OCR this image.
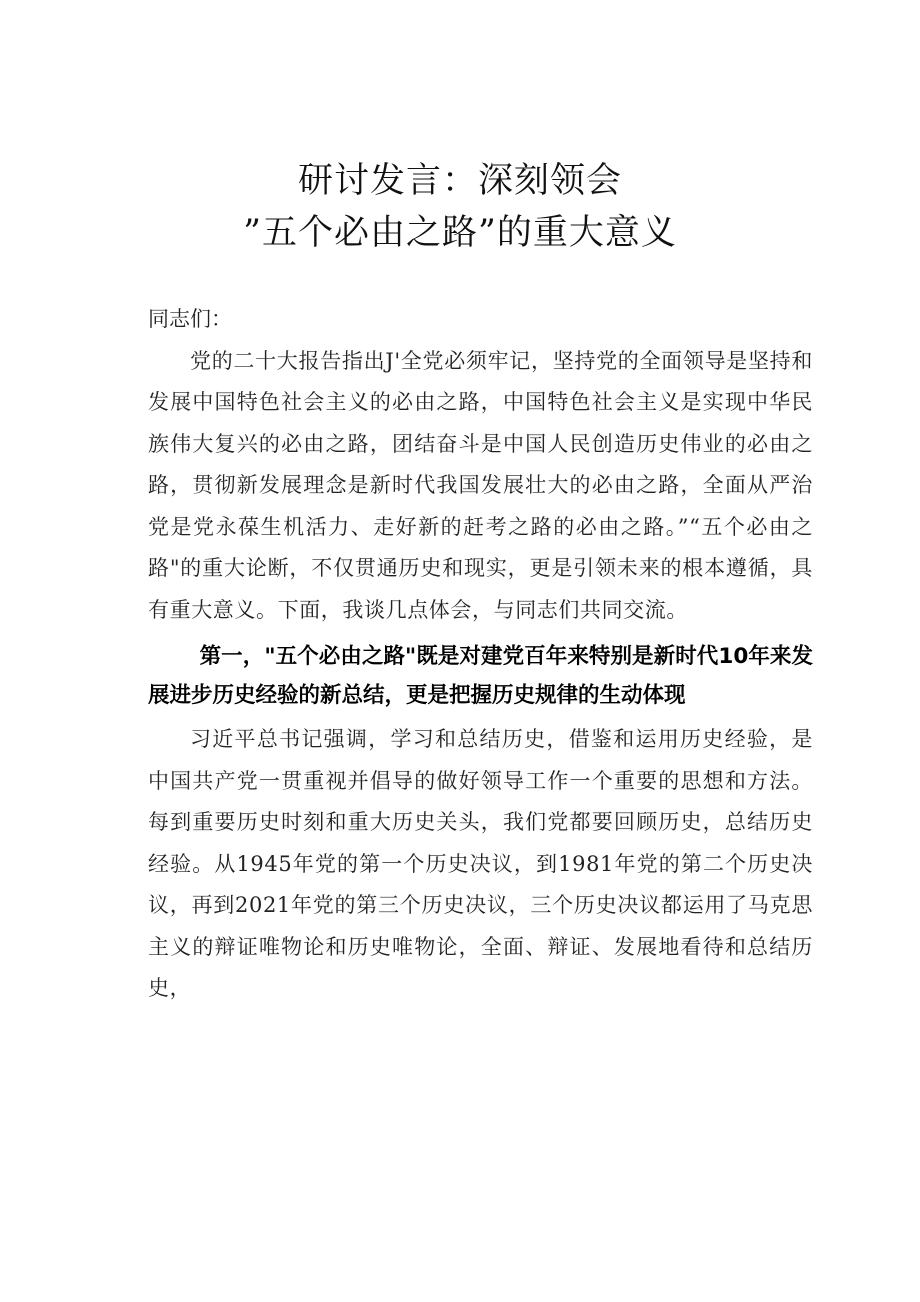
研讨发言：深刻领会
”五个必由之路”的重大意义

同志们：

党的二十大报告指出J'全党必须牢记，坚持党的全面领导是坚持和发展中国特色社会主义的必由之路，中国特色社会主义是实现中华民族伟大复兴的必由之路，团结奋斗是中国人民创造历史伟业的必由之路，贯彻新发展理念是新时代我国发展壮大的必由之路，全面从严治党是党永葆生机活力、走好新的赶考之路的必由之路。”“五个必由之路"的重大论断，不仅贯通历史和现实，更是引领未来的根本遵循，具有重大意义。下面，我谈几点体会，与同志们共同交流。

第一，"五个必由之路"既是对建党百年来特别是新时代10年来发展进步历史经验的新总结，更是把握历史规律的生动体现

习近平总书记强调，学习和总结历史，借鉴和运用历史经验，是中国共产党一贯重视并倡导的做好领导工作一个重要的思想和方法。每到重要历史时刻和重大历史关头，我们党都要回顾历史，总结历史经验。从1945年党的第一个历史决议，到1981年党的第二个历史决议，再到2021年党的第三个历史决议，三个历史决议都运用了马克思主义的辩证唯物论和历史唯物论，全面、辩证、发展地看待和总结历史，
